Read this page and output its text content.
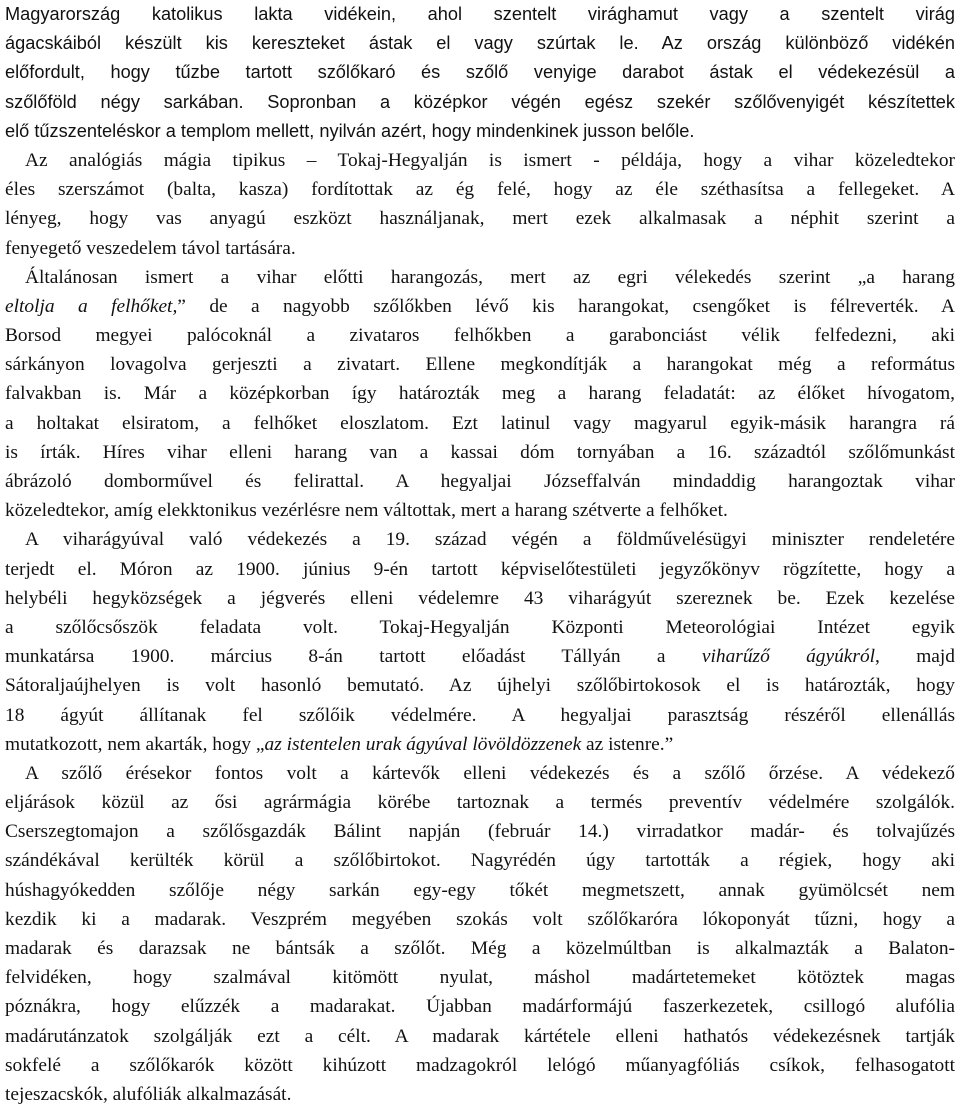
Magyarország katolikus lakta vidékein, ahol szentelt virághamut vagy a szentelt virág
ágacskáiból készült kis kereszteket ástak el vagy szúrtak le. Az ország különböző vidékén
előfordult, hogy tűzbe tartott szőlőkaró és szőlő venyige darabot ástak el védekezésül a
szőlőföld négy sarkában. Sopronban a középkor végén egész szekér szőlővenyigét készítettek
elő tűzszenteléskor a templom mellett, nyilván azért, hogy mindenkinek jusson belőle.
Az analógiás mágia tipikus – Tokaj-Hegyalján is ismert - példája, hogy a vihar közeledtekor
éles szerszámot (balta, kasza) fordítottak az ég felé, hogy az éle széthasítsa a fellegeket. A
lényeg, hogy vas anyagú eszközt használjanak, mert ezek alkalmasak a néphit szerint a
fenyegető veszedelem távol tartására.
Általánosan ismert a vihar előtti harangozás, mert az egri vélekedés szerint „a harang
eltolja a felhőket,” de a nagyobb szőlőkben lévő kis harangokat, csengőket is félreverték. A
Borsod megyei palócoknál a zivataros felhőkben a garabonciást vélik felfedezni, aki
sárkányon lovagolva gerjeszti a zivatart. Ellene megkondítják a harangokat még a református
falvakban is. Már a középkorban így határozták meg a harang feladatát: az élőket hívogatom,
a holtakat elsiratom, a felhőket eloszlatom. Ezt latinul vagy magyarul egyik-másik harangra rá
is írták. Híres vihar elleni harang van a kassai dóm tornyában a 16. századtól szőlőmunkást
ábrázoló domborművel és felirattal. A hegyaljai Józseffalván mindaddig harangoztak vihar
közeledtekor, amíg elekktonikus vezérlésre nem váltottak, mert a harang szétverte a felhőket.
A viharágyúval való védekezés a 19. század végén a földművelésügyi miniszter rendeletére
terjedt el. Móron az 1900. június 9-én tartott képviselőtestületi jegyzőkönyv rögzítette, hogy a
helybéli hegyközségek a jégverés elleni védelemre 43 viharágyút szereznek be. Ezek kezelése
a szőlőcsőszök feladata volt. Tokaj-Hegyalján Központi Meteorológiai Intézet egyik
munkatársa 1900. március 8-án tartott előadást Tállyán a viharűző ágyúkról, majd
Sátoraljaújhelyen is volt hasonló bemutató. Az újhelyi szőlőbirtokosok el is határozták, hogy
18 ágyút állítanak fel szőlőik védelmére. A hegyaljai parasztság részéről ellenállás
mutatkozott, nem akarták, hogy „az istentelen urak ágyúval lövöldözzenek az istenre.”
A szőlő érésekor fontos volt a kártevők elleni védekezés és a szőlő őrzése. A védekező
eljárások közül az ősi agrármágia körébe tartoznak a termés preventív védelmére szolgálók.
Cserszegtomajon a szőlősgazdák Bálint napján (február 14.) virradatkor madár- és tolvajűzés
szándékával kerülték körül a szőlőbirtokot. Nagyrédén úgy tartották a régiek, hogy aki
húshagyókedden szőlője négy sarkán egy-egy tőkét megmetszett, annak gyümölcsét nem
kezdik ki a madarak. Veszprém megyében szokás volt szőlőkaróra lókoponyát tűzni, hogy a
madarak és darazsak ne bántsák a szőlőt. Még a közelmúltban is alkalmazták a Balaton-
felvidéken, hogy szalmával kitömött nyulat, máshol madártetemeket kötöztek magas
póznákra, hogy elűzzék a madarakat. Újabban madárformájú faszerkezetek, csillogó alufólia
madárutánzatok szolgálják ezt a célt. A madarak kártétele elleni hathatós védekezésnek tartják
sokfelé a szőlőkarók között kihúzott madzagokról lelógó műanyagfóliás csíkok, felhasogatott
tejeszacskók, alufóliák alkalmazását.
